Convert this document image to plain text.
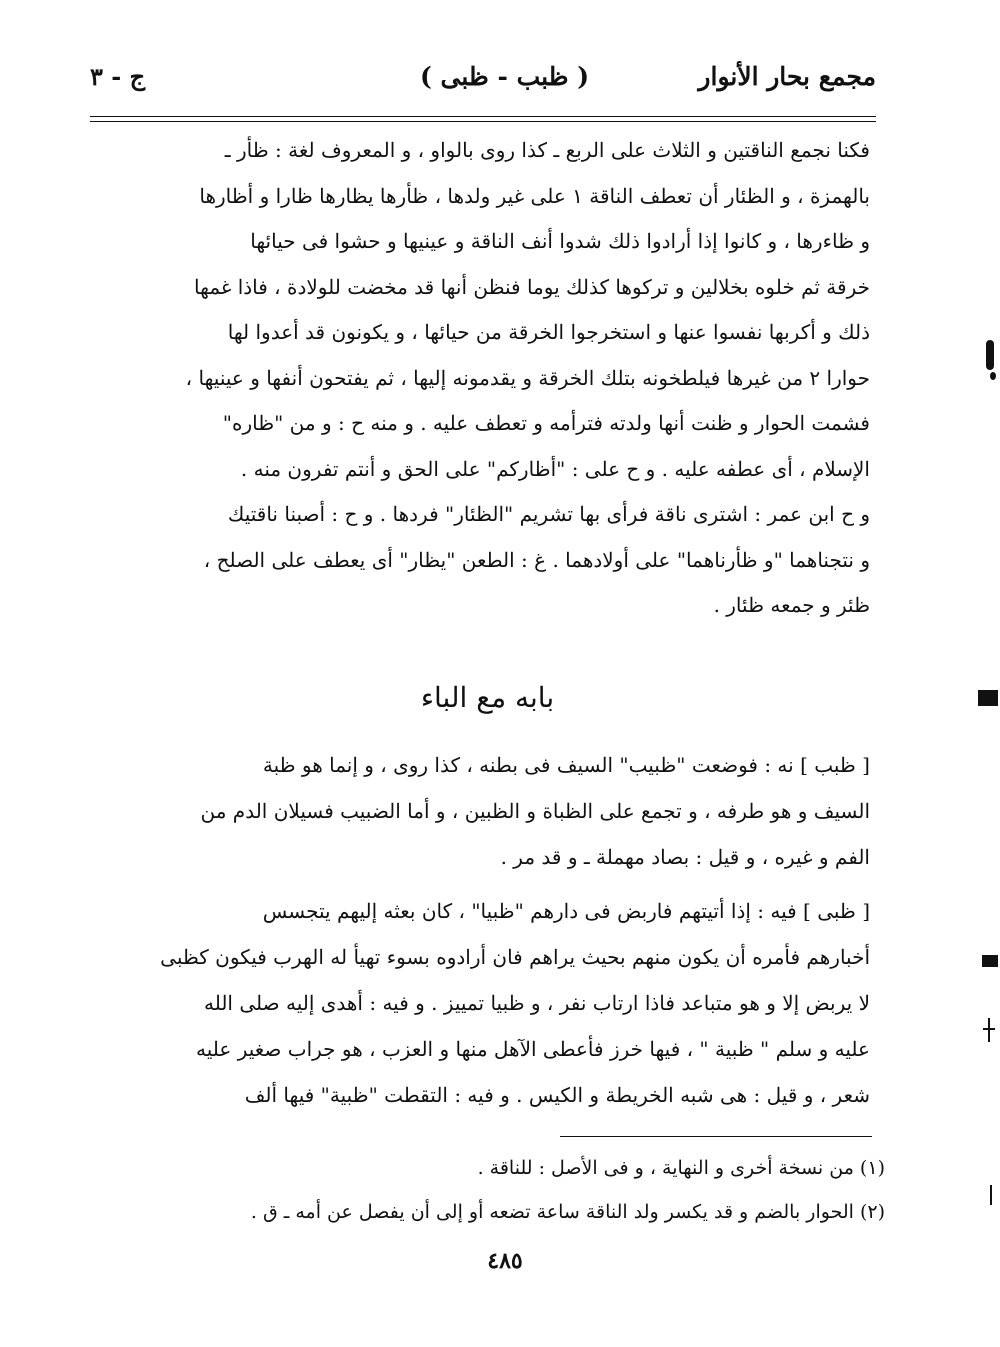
مجمع بحار الأنوار
( ظبب - ظبى )
ج - ٣

فكنا نجمع الناقتين و الثلاث على الربع ـ كذا روى بالواو ، و المعروف لغة : ظأر ـ

بالهمزة ، و الظئار أن تعطف الناقة ١ على غير ولدها ، ظأرها يظارها ظارا و أظارها

و ظاءرها ، و كانوا إذا أرادوا ذلك شدوا أنف الناقة و عينيها و حشوا فى حيائها

خرقة ثم خلوه بخلالين و تركوها كذلك يوما فنظن أنها قد مخضت للولادة ، فاذا غمها

ذلك و أكربها نفسوا عنها و استخرجوا الخرقة من حيائها ، و يكونون قد أعدوا لها

حوارا ٢ من غيرها فيلطخونه بتلك الخرقة و يقدمونه إليها ، ثم يفتحون أنفها و عينيها ،

فشمت الحوار و ظنت أنها ولدته فترأمه و تعطف عليه . و منه ح : و من "ظاره"

الإسلام ، أى عطفه عليه . و ح على : "أظاركم" على الحق و أنتم تفرون منه .

و ح ابن عمر : اشترى ناقة فرأى بها تشريم "الظئار" فردها . و ح : أصبنا ناقتيك

و نتجناهما "و ظأرناهما" على أولادهما . غ : الطعن "يظار" أى يعطف على الصلح ،

ظئر و جمعه ظئار .

بابه مع الباء

[ ظبب ] نه : فوضعت "ظبيب" السيف فى بطنه ، كذا روى ، و إنما هو ظبة

السيف و هو طرفه ، و تجمع على الظباة و الظبين ، و أما الضبيب فسيلان الدم من

الفم و غيره ، و قيل : بصاد مهملة ـ و قد مر .

[ ظبى ] فيه : إذا أتيتهم فاربض فى دارهم "ظبيا" ، كان بعثه إليهم يتجسس

أخبارهم فأمره أن يكون منهم بحيث يراهم فان أرادوه بسوء تهيأ له الهرب فيكون كظبى

لا يربض إلا و هو متباعد فاذا ارتاب نفر ، و ظبيا تمييز . و فيه : أهدى إليه صلى الله

عليه و سلم " ظبية " ، فيها خرز فأعطى الآهل منها و العزب ، هو جراب صغير عليه

شعر ، و قيل : هى شبه الخريطة و الكيس . و فيه : التقطت "ظبية" فيها ألف

(١) من نسخة أخرى و النهاية ، و فى الأصل : للناقة .

(٢) الحوار بالضم و قد يكسر ولد الناقة ساعة تضعه أو إلى أن يفصل عن أمه ـ ق .

٤٨٥
